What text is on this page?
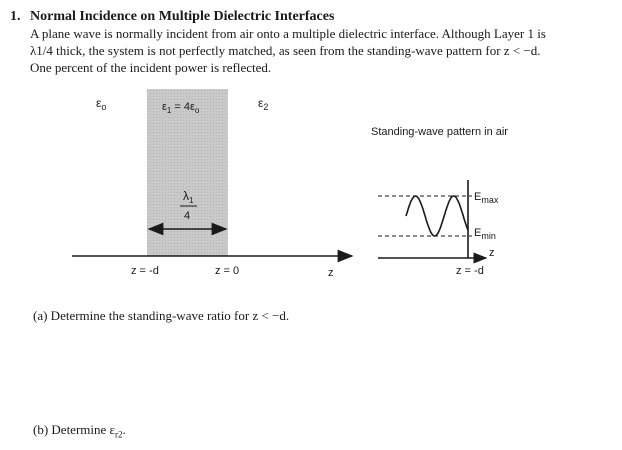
1. Normal Incidence on Multiple Dielectric Interfaces
A plane wave is normally incident from air onto a multiple dielectric interface. Although Layer 1 is
λ1/4 thick, the system is not perfectly matched, as seen from the standing-wave pattern for z < −d.
One percent of the incident power is reflected.
$\varepsilon_o$	$\varepsilon_1 = 4\varepsilon_o$
$\varepsilon_2$
$\lambda_1$
4
z = -d	z = 0	z
Standing-wave pattern in air
$E_{max}$
$E_{min}$
z
z = -d
(a) Determine the standing-wave ratio for z < −d.
(b) Determine $\varepsilon_{r2}$.
